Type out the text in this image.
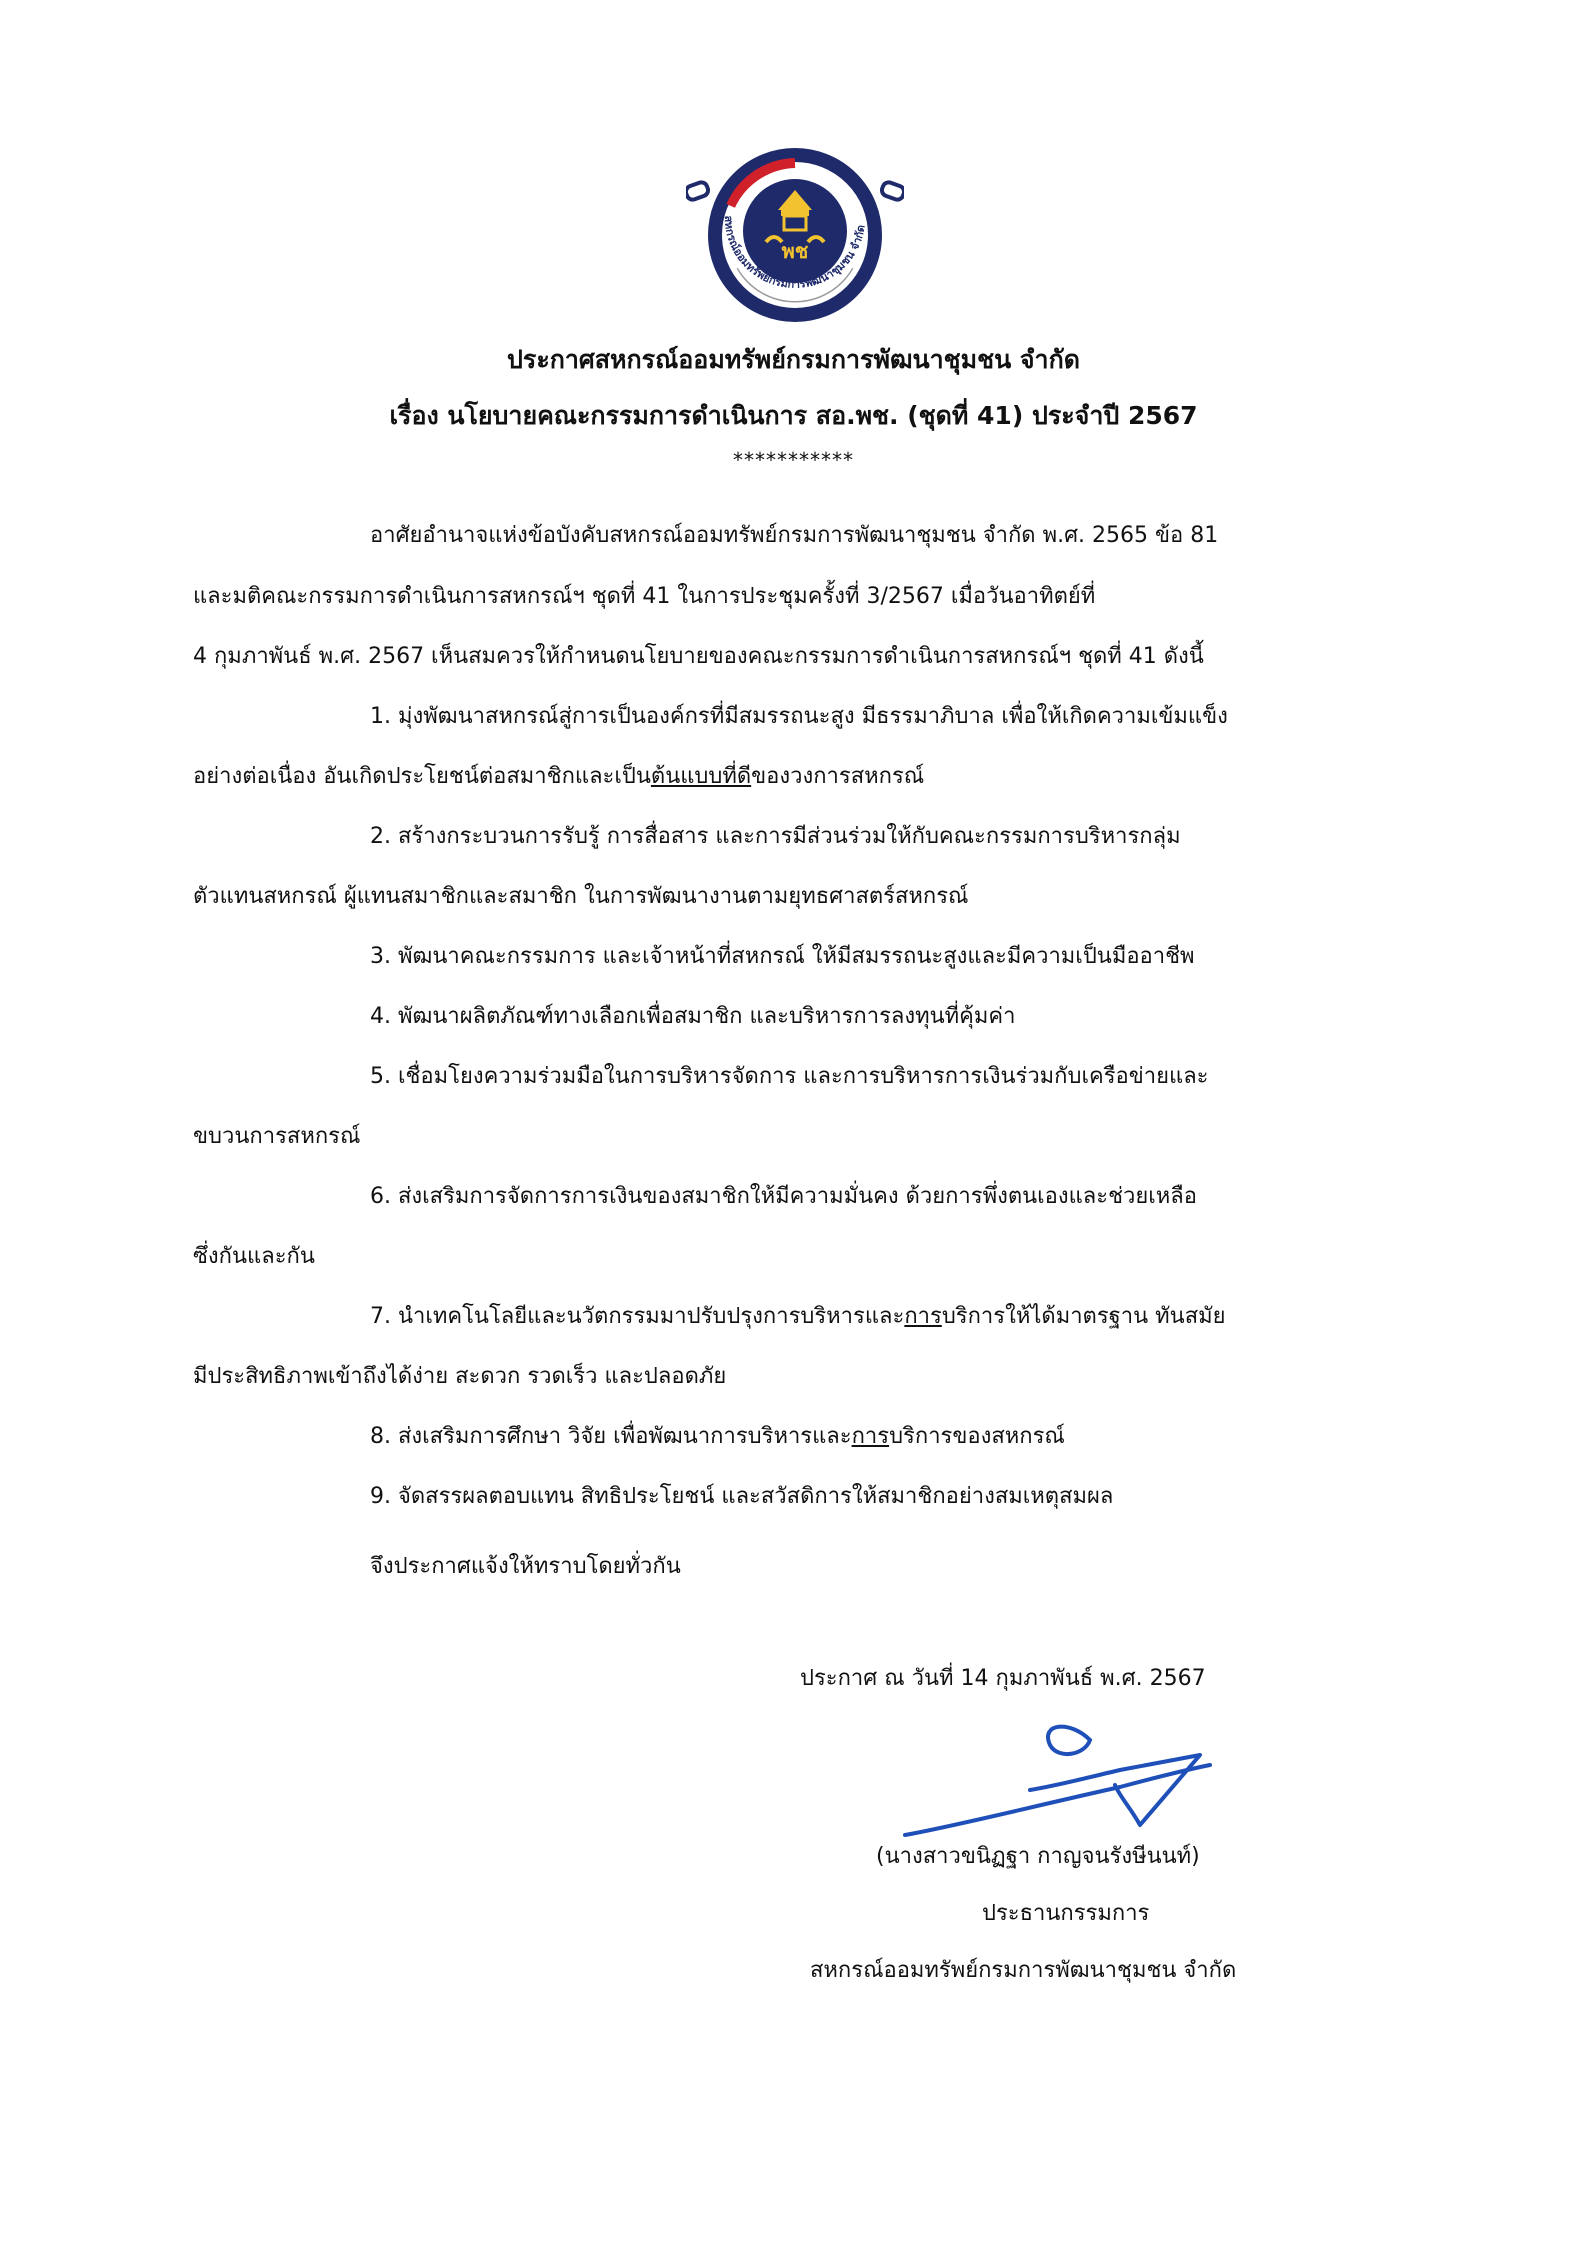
พช
สหกรณ์ออมทรัพย์กรมการพัฒนาชุมชน จำกัด
ประกาศสหกรณ์ออมทรัพย์กรมการพัฒนาชุมชน จำกัด
เรื่อง นโยบายคณะกรรมการดำเนินการ สอ.พช. (ชุดที่ 41) ประจำปี 2567
***********
อาศัยอำนาจแห่งข้อบังคับสหกรณ์ออมทรัพย์กรมการพัฒนาชุมชน จำกัด พ.ศ. 2565 ข้อ 81
และมติคณะกรรมการดำเนินการสหกรณ์ฯ ชุดที่ 41 ในการประชุมครั้งที่ 3/2567 เมื่อวันอาทิตย์ที่
4 กุมภาพันธ์ พ.ศ. 2567 เห็นสมควรให้กำหนดนโยบายของคณะกรรมการดำเนินการสหกรณ์ฯ ชุดที่ 41 ดังนี้
1. มุ่งพัฒนาสหกรณ์สู่การเป็นองค์กรที่มีสมรรถนะสูง มีธรรมาภิบาล เพื่อให้เกิดความเข้มแข็ง
อย่างต่อเนื่อง อันเกิดประโยชน์ต่อสมาชิกและเป็นต้นแบบที่ดีของวงการสหกรณ์
2. สร้างกระบวนการรับรู้ การสื่อสาร และการมีส่วนร่วมให้กับคณะกรรมการบริหารกลุ่ม
ตัวแทนสหกรณ์ ผู้แทนสมาชิกและสมาชิก ในการพัฒนางานตามยุทธศาสตร์สหกรณ์
3. พัฒนาคณะกรรมการ และเจ้าหน้าที่สหกรณ์ ให้มีสมรรถนะสูงและมีความเป็นมืออาชีพ
4. พัฒนาผลิตภัณฑ์ทางเลือกเพื่อสมาชิก และบริหารการลงทุนที่คุ้มค่า
5. เชื่อมโยงความร่วมมือในการบริหารจัดการ และการบริหารการเงินร่วมกับเครือข่ายและ
ขบวนการสหกรณ์
6. ส่งเสริมการจัดการการเงินของสมาชิกให้มีความมั่นคง ด้วยการพึ่งตนเองและช่วยเหลือ
ซึ่งกันและกัน
7. นำเทคโนโลยีและนวัตกรรมมาปรับปรุงการบริหารและการบริการให้ได้มาตรฐาน ทันสมัย
มีประสิทธิภาพเข้าถึงได้ง่าย สะดวก รวดเร็ว และปลอดภัย
8. ส่งเสริมการศึกษา วิจัย เพื่อพัฒนาการบริหารและการบริการของสหกรณ์
9. จัดสรรผลตอบแทน สิทธิประโยชน์ และสวัสดิการให้สมาชิกอย่างสมเหตุสมผล
จึงประกาศแจ้งให้ทราบโดยทั่วกัน
ประกาศ ณ วันที่ 14 กุมภาพันธ์ พ.ศ. 2567
(นางสาวขนิฏฐา กาญจนรังษีนนท์)
ประธานกรรมการ
สหกรณ์ออมทรัพย์กรมการพัฒนาชุมชน จำกัด
